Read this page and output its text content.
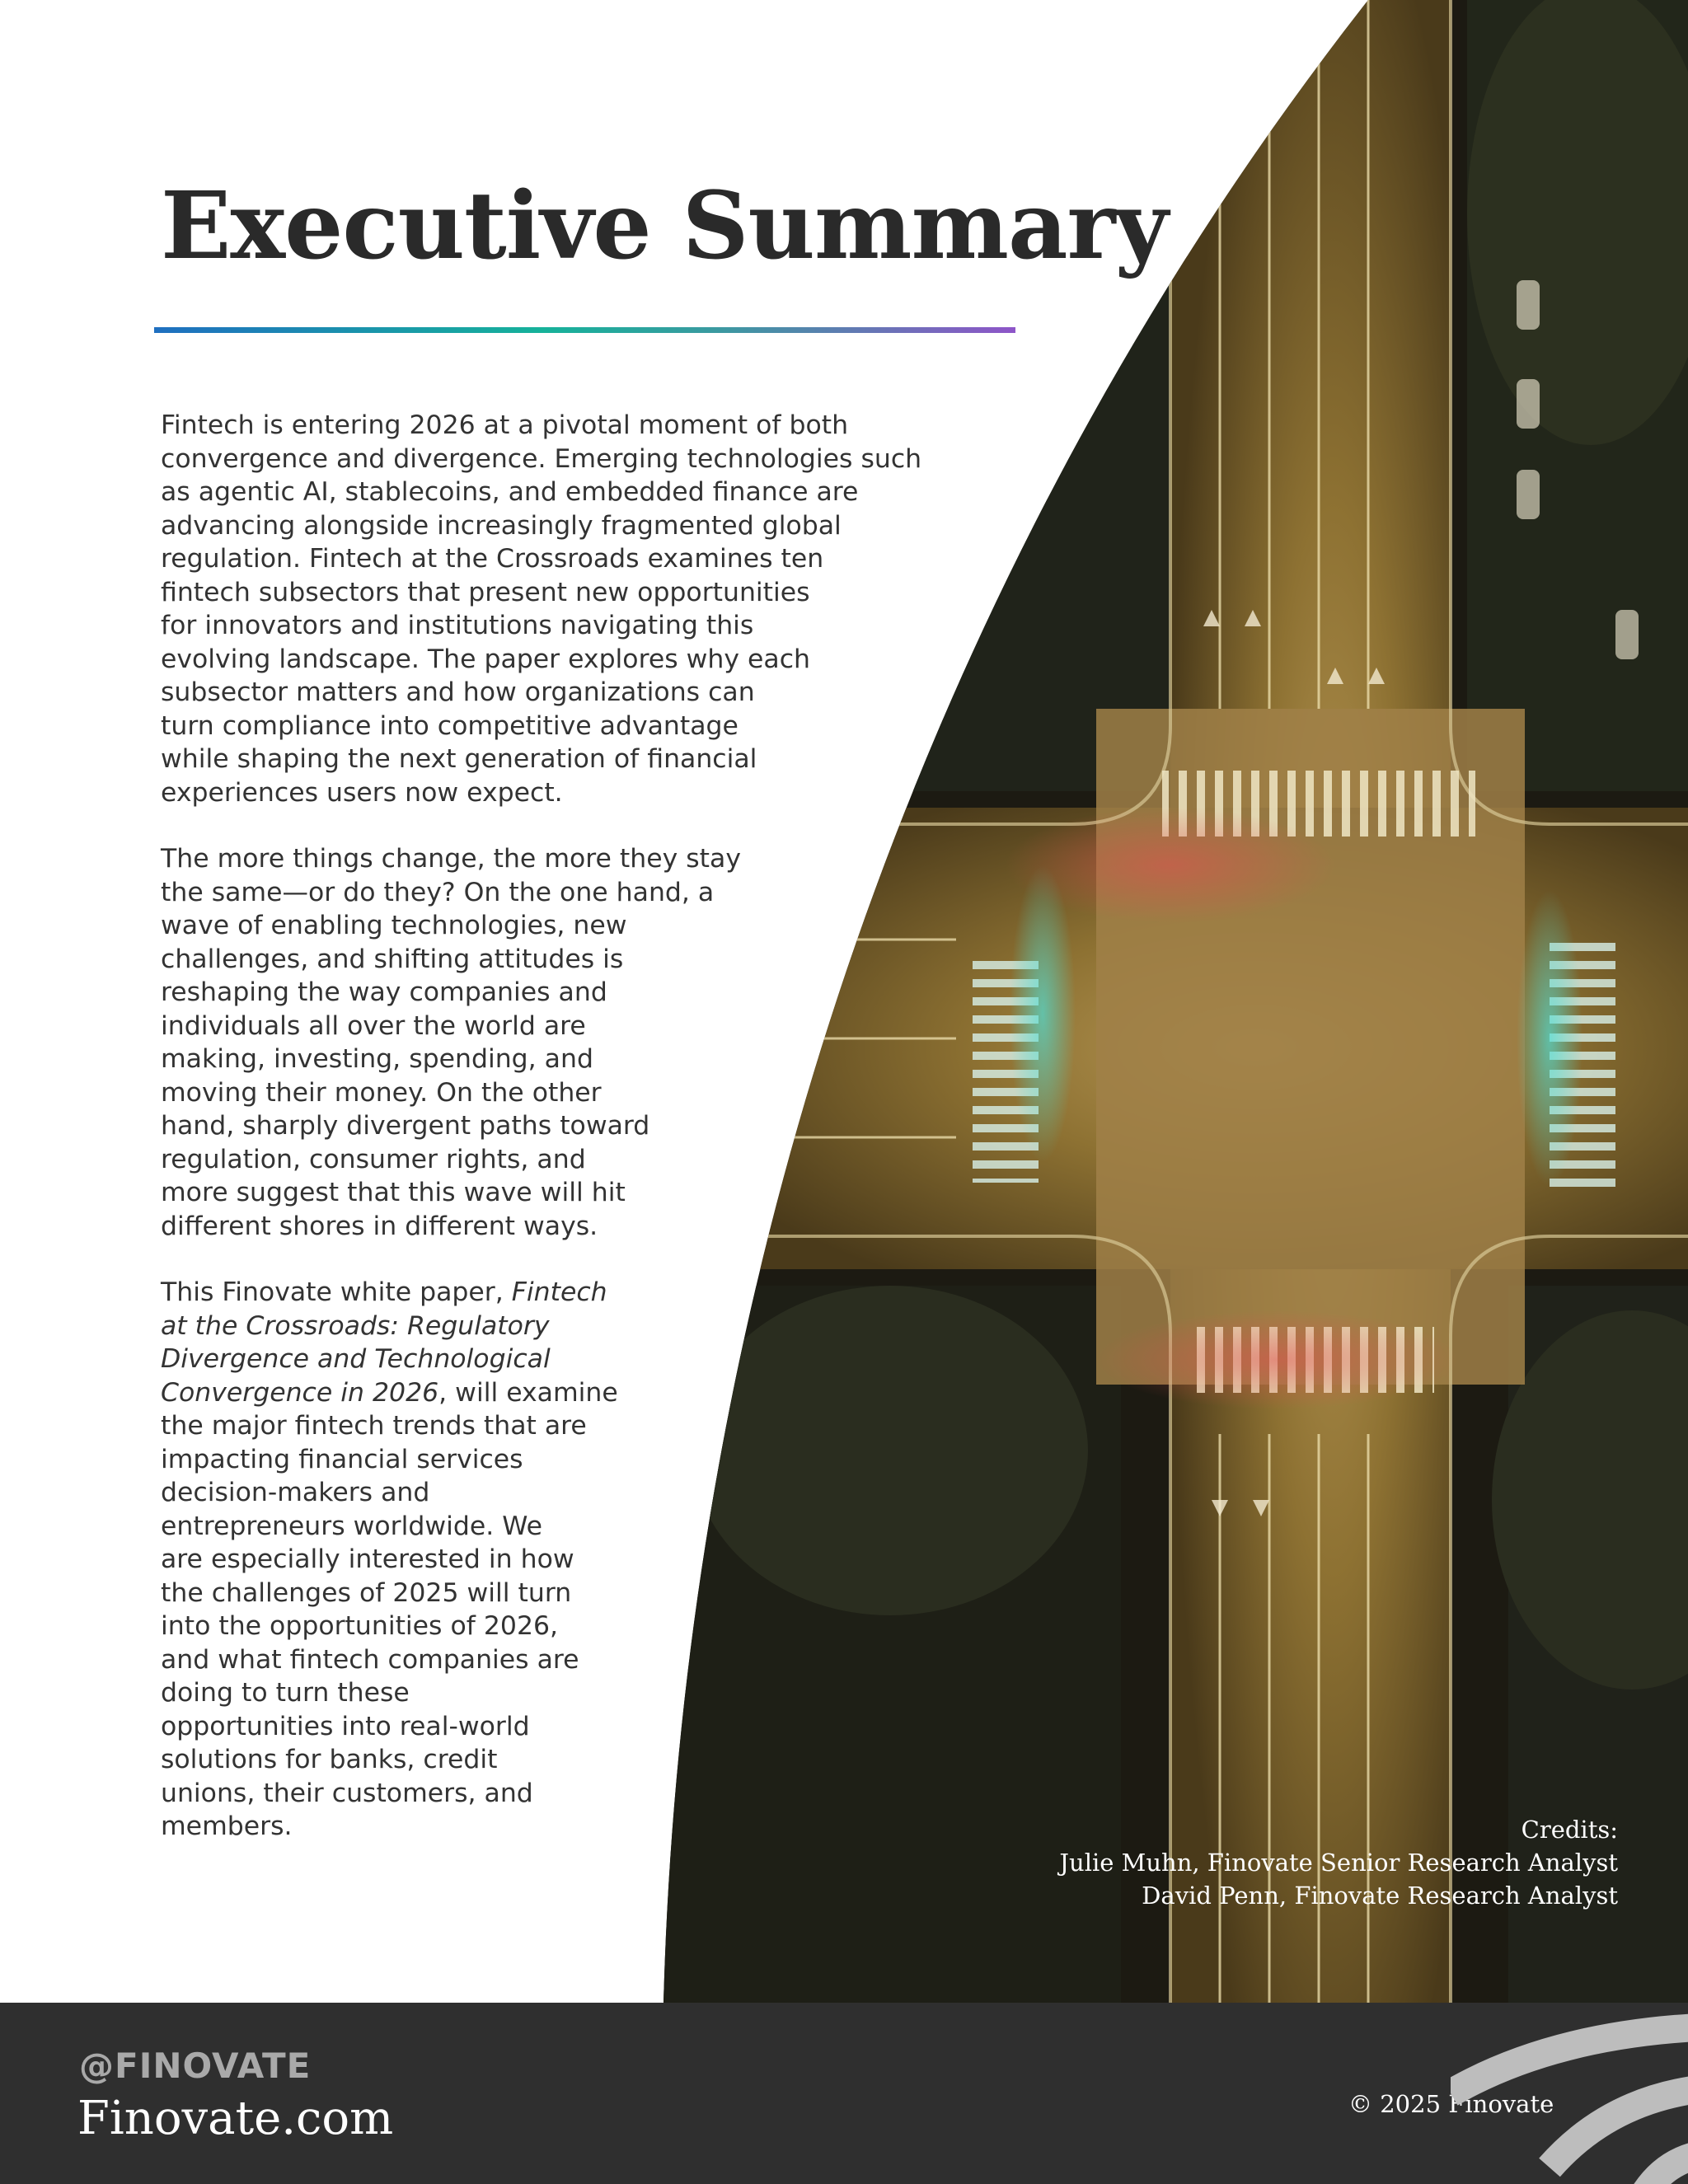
Executive Summary

Fintech is entering 2026 at a pivotal moment of both
convergence and divergence. Emerging technologies such
as agentic AI, stablecoins, and embedded finance are
advancing alongside increasingly fragmented global
regulation. Fintech at the Crossroads examines ten
fintech subsectors that present new opportunities
for innovators and institutions navigating this
evolving landscape. The paper explores why each
subsector matters and how organizations can
turn compliance into competitive advantage
while shaping the next generation of financial
experiences users now expect.

The more things change, the more they stay
the same—or do they? On the one hand, a
wave of enabling technologies, new
challenges, and shifting attitudes is
reshaping the way companies and
individuals all over the world are
making, investing, spending, and
moving their money. On the other
hand, sharply divergent paths toward
regulation, consumer rights, and
more suggest that this wave will hit
different shores in different ways.

This Finovate white paper, Fintech
at the Crossroads: Regulatory
Divergence and Technological
Convergence in 2026, will examine
the major fintech trends that are
impacting financial services
decision-makers and
entrepreneurs worldwide. We
are especially interested in how
the challenges of 2025 will turn
into the opportunities of 2026,
and what fintech companies are
doing to turn these
opportunities into real-world
solutions for banks, credit
unions, their customers, and
members.	Credits:
Julie Muhn, Finovate Senior Research Analyst
David Penn, Finovate Research Analyst
@FINOVATE
Finovate.com	© 2025 Finovate
